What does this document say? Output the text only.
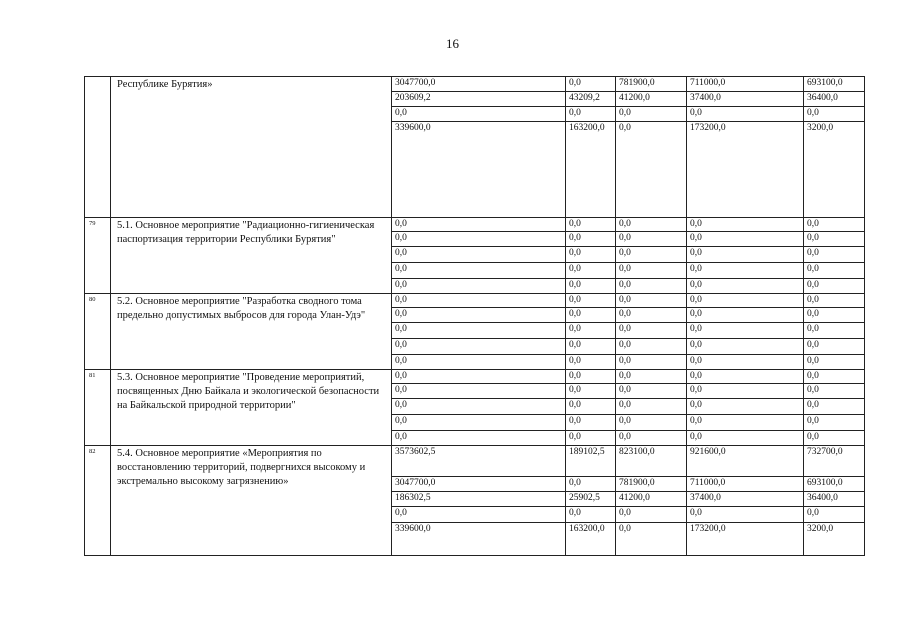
16
	Республике Бурятия»	3047700,0	0,0	781900,0	711000,0	693100,0
		203609,2	43209,2	41200,0	37400,0	36400,0
		0,0	0,0	0,0	0,0	0,0
		339600,0	163200,0	0,0	173200,0	3200,0
79	5.1. Основное мероприятие "Радиационно-гигиеническая паспортизация территории Республики Бурятия"	0,0	0,0	0,0	0,0	0,0
		0,0	0,0	0,0	0,0	0,0
		0,0	0,0	0,0	0,0	0,0
		0,0	0,0	0,0	0,0	0,0
		0,0	0,0	0,0	0,0	0,0
80	5.2. Основное мероприятие "Разработка сводного тома предельно допустимых выбросов для города Улан-Удэ"	0,0	0,0	0,0	0,0	0,0
		0,0	0,0	0,0	0,0	0,0
		0,0	0,0	0,0	0,0	0,0
		0,0	0,0	0,0	0,0	0,0
		0,0	0,0	0,0	0,0	0,0
81	5.3. Основное мероприятие "Проведение мероприятий, посвященных Дню Байкала и экологической безопасности на Байкальской природной территории"	0,0	0,0	0,0	0,0	0,0
		0,0	0,0	0,0	0,0	0,0
		0,0	0,0	0,0	0,0	0,0
		0,0	0,0	0,0	0,0	0,0
		0,0	0,0	0,0	0,0	0,0
82	5.4. Основное мероприятие «Мероприятия по восстановлению территорий, подвергнихся высокому и экстремально высокому загрязнению»	3573602,5	189102,5	823100,0	921600,0	732700,0
		3047700,0	0,0	781900,0	711000,0	693100,0
		186302,5	25902,5	41200,0	37400,0	36400,0
		0,0	0,0	0,0	0,0	0,0
		339600,0	163200,0	0,0	173200,0	3200,0
